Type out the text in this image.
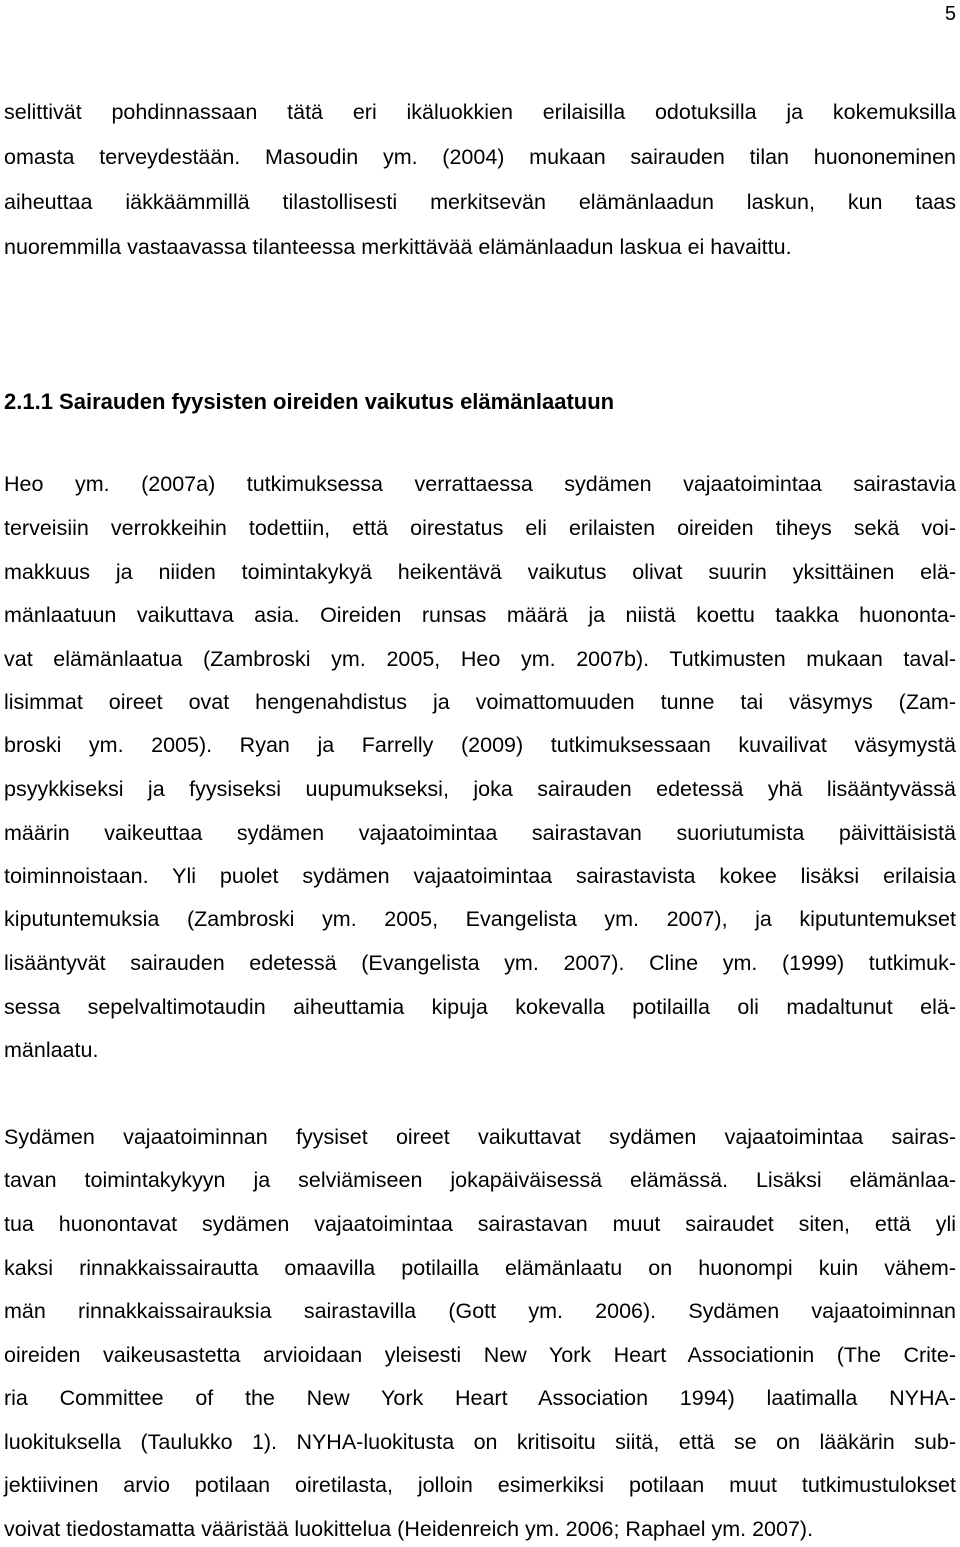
5
selittivät pohdinnassaan tätä eri ikäluokkien erilaisilla odotuksilla ja kokemuksilla
omasta terveydestään. Masoudin ym. (2004) mukaan sairauden tilan huononeminen
aiheuttaa iäkkäämmillä tilastollisesti merkitsevän elämänlaadun laskun, kun taas
nuoremmilla vastaavassa tilanteessa merkittävää elämänlaadun laskua ei havaittu.
2.1.1 Sairauden fyysisten oireiden vaikutus elämänlaatuun
Heo ym. (2007a) tutkimuksessa verrattaessa sydämen vajaatoimintaa sairastavia
terveisiin verrokkeihin todettiin, että oirestatus eli erilaisten oireiden tiheys sekä voi-
makkuus ja niiden toimintakykyä heikentävä vaikutus olivat suurin yksittäinen elä-
mänlaatuun vaikuttava asia. Oireiden runsas määrä ja niistä koettu taakka huononta-
vat elämänlaatua (Zambroski ym. 2005, Heo ym. 2007b). Tutkimusten mukaan taval-
lisimmat oireet ovat hengenahdistus ja voimattomuuden tunne tai väsymys (Zam-
broski ym. 2005). Ryan ja Farrelly (2009) tutkimuksessaan kuvailivat väsymystä
psyykkiseksi ja fyysiseksi uupumukseksi, joka sairauden edetessä yhä lisääntyvässä
määrin vaikeuttaa sydämen vajaatoimintaa sairastavan suoriutumista päivittäisistä
toiminnoistaan. Yli puolet sydämen vajaatoimintaa sairastavista kokee lisäksi erilaisia
kiputuntemuksia (Zambroski ym. 2005, Evangelista ym. 2007), ja kiputuntemukset
lisääntyvät sairauden edetessä (Evangelista ym. 2007). Cline ym. (1999) tutkimuk-
sessa sepelvaltimotaudin aiheuttamia kipuja kokevalla potilailla oli madaltunut elä-
mänlaatu.
Sydämen vajaatoiminnan fyysiset oireet vaikuttavat sydämen vajaatoimintaa sairas-
tavan toimintakykyyn ja selviämiseen jokapäiväisessä elämässä. Lisäksi elämänlaa-
tua huonontavat sydämen vajaatoimintaa sairastavan muut sairaudet siten, että yli
kaksi rinnakkaissairautta omaavilla potilailla elämänlaatu on huonompi kuin vähem-
män rinnakkaissairauksia sairastavilla (Gott ym. 2006). Sydämen vajaatoiminnan
oireiden vaikeusastetta arvioidaan yleisesti New York Heart Associationin (The Crite-
ria Committee of the New York Heart Association 1994) laatimalla NYHA-
luokituksella (Taulukko 1). NYHA-luokitusta on kritisoitu siitä, että se on lääkärin sub-
jektiivinen arvio potilaan oiretilasta, jolloin esimerkiksi potilaan muut tutkimustulokset
voivat tiedostamatta vääristää luokittelua (Heidenreich ym. 2006; Raphael ym. 2007).
